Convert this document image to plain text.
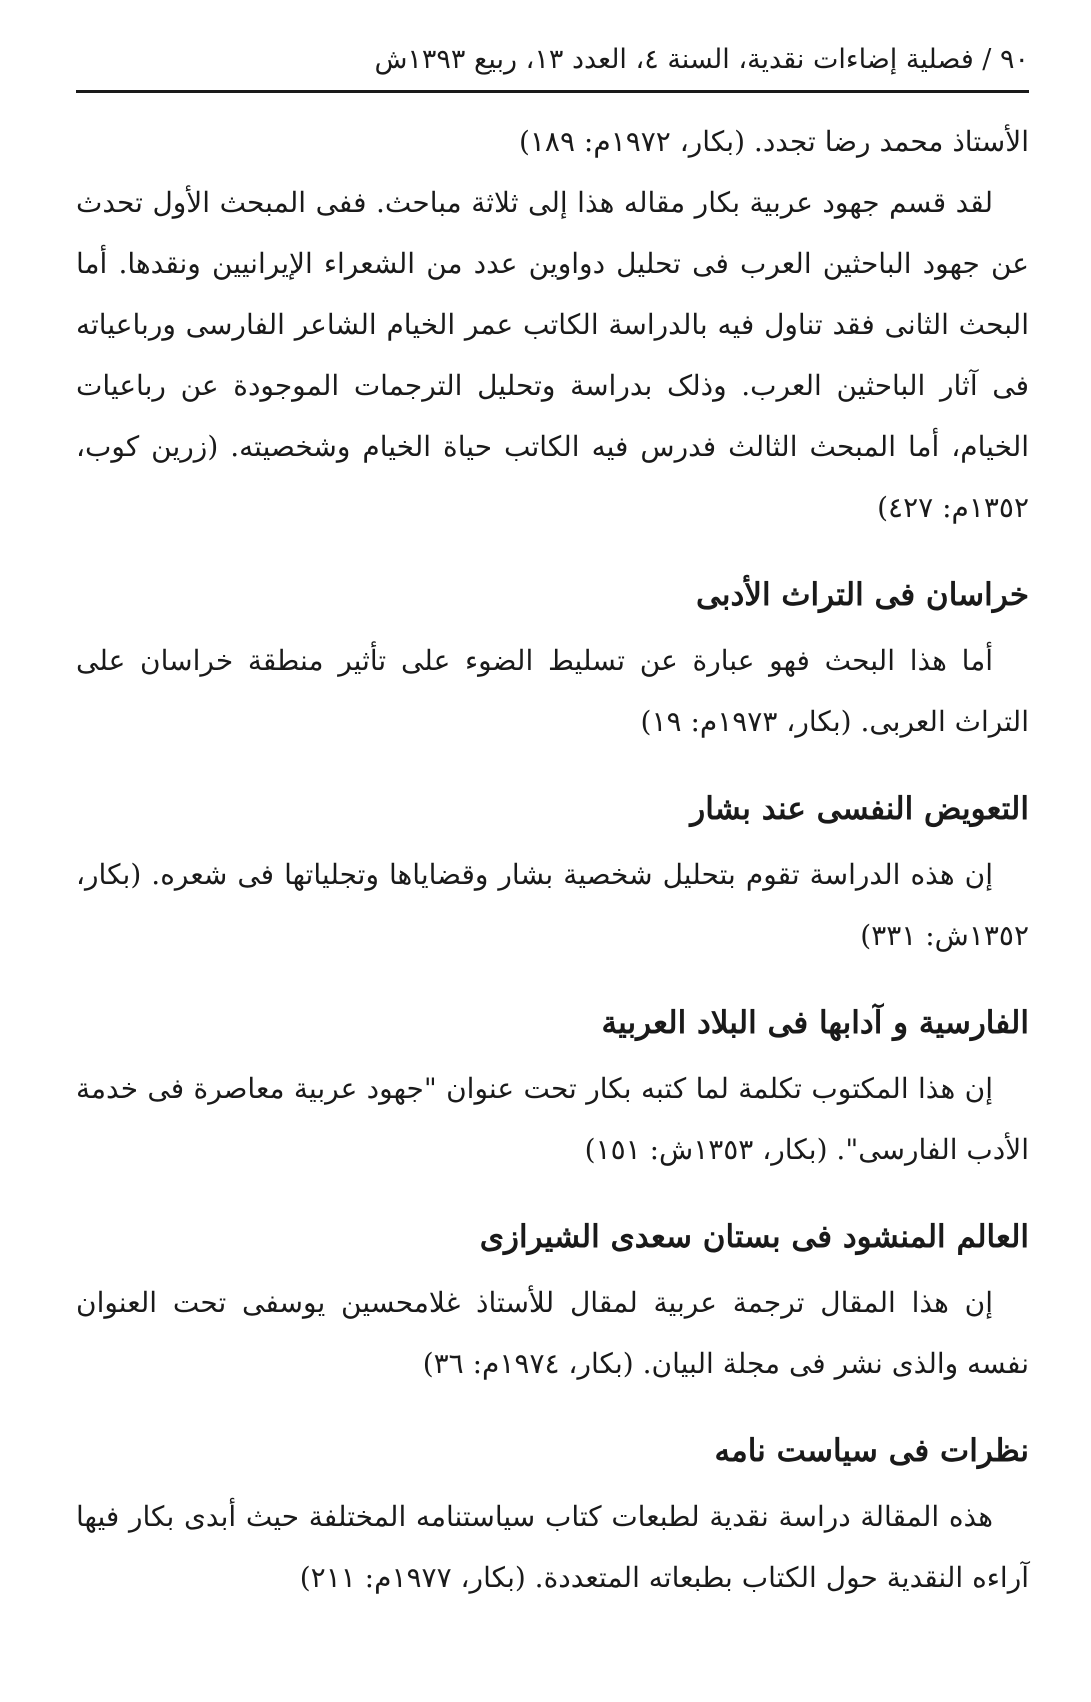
٩٠ / فصلية إضاءات نقدية، السنة ٤، العدد ١٣، ربيع ١٣٩٣ش

الأستاذ محمد رضا تجدد. (بكار، ١٩٧٢م: ١٨٩)

لقد قسم جهود عربية بكار مقاله هذا إلى ثلاثة مباحث. ففى المبحث الأول تحدث عن جهود الباحثين العرب فى تحليل دواوين عدد من الشعراء الإيرانيين ونقدها. أما البحث الثانى فقد تناول فيه بالدراسة الكاتب عمر الخيام الشاعر الفارسى ورباعياته فى آثار الباحثين العرب. وذلک بدراسة وتحليل الترجمات الموجودة عن رباعيات الخيام، أما المبحث الثالث فدرس فيه الكاتب حياة الخيام وشخصيته. (زرين كوب، ١٣٥٢م: ٤٢٧)

خراسان فى التراث الأدبى

أما هذا البحث فهو عبارة عن تسليط الضوء على تأثير منطقة خراسان على التراث العربى. (بكار، ١٩٧٣م: ١٩)

التعويض النفسى عند بشار

إن هذه الدراسة تقوم بتحليل شخصية بشار وقضاياها وتجلياتها فى شعره. (بكار، ١٣٥٢ش: ٣٣١)

الفارسية و آدابها فى البلاد العربية

إن هذا المكتوب تكلمة لما كتبه بكار تحت عنوان "جهود عربية معاصرة فى خدمة الأدب الفارسى". (بكار، ١٣٥٣ش: ١٥١)

العالم المنشود فى بستان سعدى الشيرازى

إن هذا المقال ترجمة عربية لمقال للأستاذ غلامحسين يوسفى تحت العنوان نفسه والذى نشر فى مجلة البيان. (بكار، ١٩٧٤م: ٣٦)

نظرات فى سياست نامه

هذه المقالة دراسة نقدية لطبعات كتاب سياستنامه المختلفة حيث أبدى بكار فيها آراءه النقدية حول الكتاب بطبعاته المتعددة. (بكار، ١٩٧٧م: ٢١١)
